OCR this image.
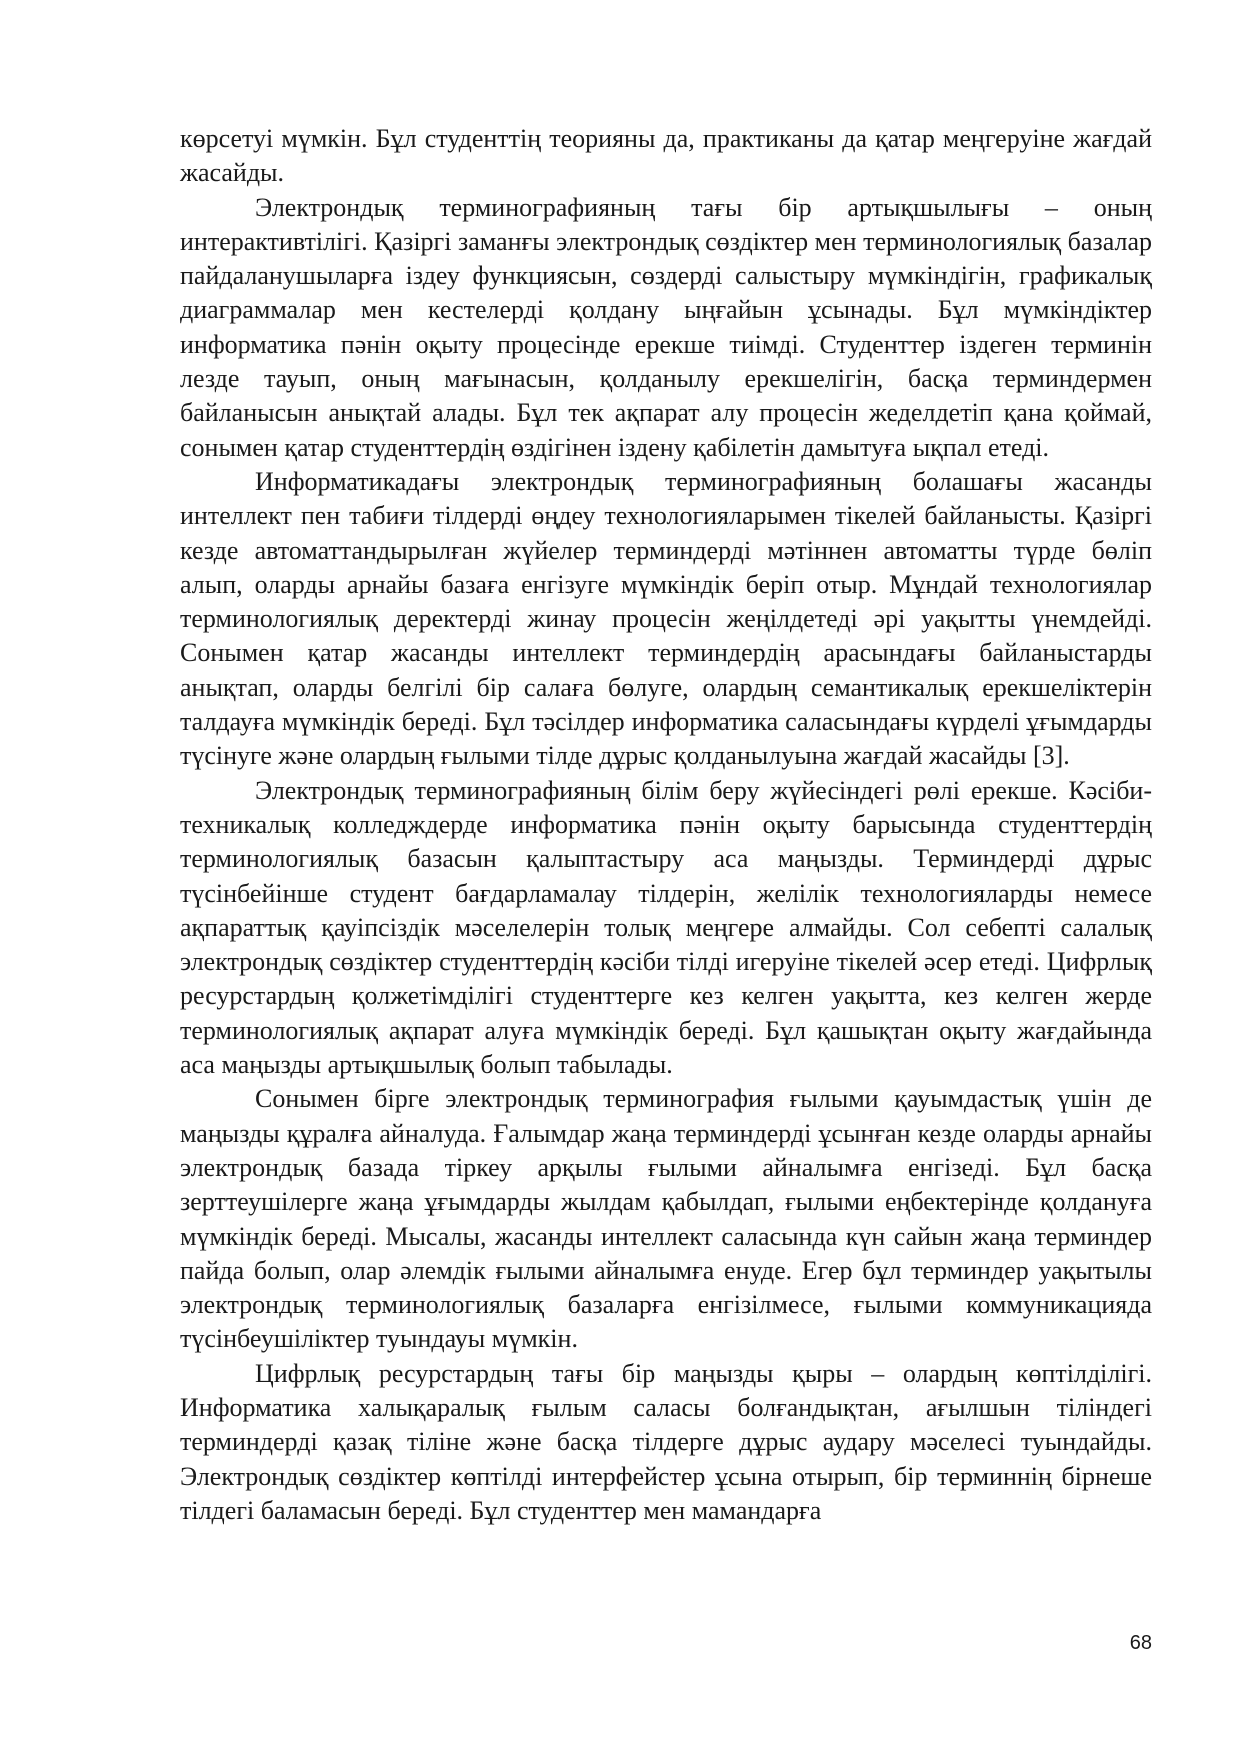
көрсетуі мүмкін. Бұл студенттің теорияны да, практиканы да қатар меңгеруіне жағдай жасайды.

Электрондық терминографияның тағы бір артықшылығы – оның интерактивтілігі. Қазіргі заманғы электрондық сөздіктер мен терминологиялық базалар пайдаланушыларға іздеу функциясын, сөздерді салыстыру мүмкіндігін, графикалық диаграммалар мен кестелерді қолдану ыңғайын ұсынады. Бұл мүмкіндіктер информатика пәнін оқыту процесінде ерекше тиімді. Студенттер іздеген терминін лезде тауып, оның мағынасын, қолданылу ерекшелігін, басқа терминдермен байланысын анықтай алады. Бұл тек ақпарат алу процесін жеделдетіп қана қоймай, сонымен қатар студенттердің өздігінен іздену қабілетін дамытуға ықпал етеді.

Информатикадағы электрондық терминографияның болашағы жасанды интеллект пен табиғи тілдерді өңдеу технологияларымен тікелей байланысты. Қазіргі кезде автоматтандырылған жүйелер терминдерді мәтіннен автоматты түрде бөліп алып, оларды арнайы базаға енгізуге мүмкіндік беріп отыр. Мұндай технологиялар терминологиялық деректерді жинау процесін жеңілдетеді әрі уақытты үнемдейді. Сонымен қатар жасанды интеллект терминдердің арасындағы байланыстарды анықтап, оларды белгілі бір салаға бөлуге, олардың семантикалық ерекшеліктерін талдауға мүмкіндік береді. Бұл тәсілдер информатика саласындағы күрделі ұғымдарды түсінуге және олардың ғылыми тілде дұрыс қолданылуына жағдай жасайды [3].

Электрондық терминографияның білім беру жүйесіндегі рөлі ерекше. Кәсіби-техникалық колледждерде информатика пәнін оқыту барысында студенттердің терминологиялық базасын қалыптастыру аса маңызды. Терминдерді дұрыс түсінбейінше студент бағдарламалау тілдерін, желілік технологияларды немесе ақпараттық қауіпсіздік мәселелерін толық меңгере алмайды. Сол себепті салалық электрондық сөздіктер студенттердің кәсіби тілді игеруіне тікелей әсер етеді. Цифрлық ресурстардың қолжетімділігі студенттерге кез келген уақытта, кез келген жерде терминологиялық ақпарат алуға мүмкіндік береді. Бұл қашықтан оқыту жағдайында аса маңызды артықшылық болып табылады.

Сонымен бірге электрондық терминография ғылыми қауымдастық үшін де маңызды құралға айналуда. Ғалымдар жаңа терминдерді ұсынған кезде оларды арнайы электрондық базада тіркеу арқылы ғылыми айналымға енгізеді. Бұл басқа зерттеушілерге жаңа ұғымдарды жылдам қабылдап, ғылыми еңбектерінде қолдануға мүмкіндік береді. Мысалы, жасанды интеллект саласында күн сайын жаңа терминдер пайда болып, олар әлемдік ғылыми айналымға енуде. Егер бұл терминдер уақытылы электрондық терминологиялық базаларға енгізілмесе, ғылыми коммуникацияда түсінбеушіліктер туындауы мүмкін.

Цифрлық ресурстардың тағы бір маңызды қыры – олардың көптілділігі. Информатика халықаралық ғылым саласы болғандықтан, ағылшын тіліндегі терминдерді қазақ тіліне және басқа тілдерге дұрыс аудару мәселесі туындайды. Электрондық сөздіктер көптілді интерфейстер ұсына отырып, бір терминнің бірнеше тілдегі баламасын береді. Бұл студенттер мен мамандарға

68
